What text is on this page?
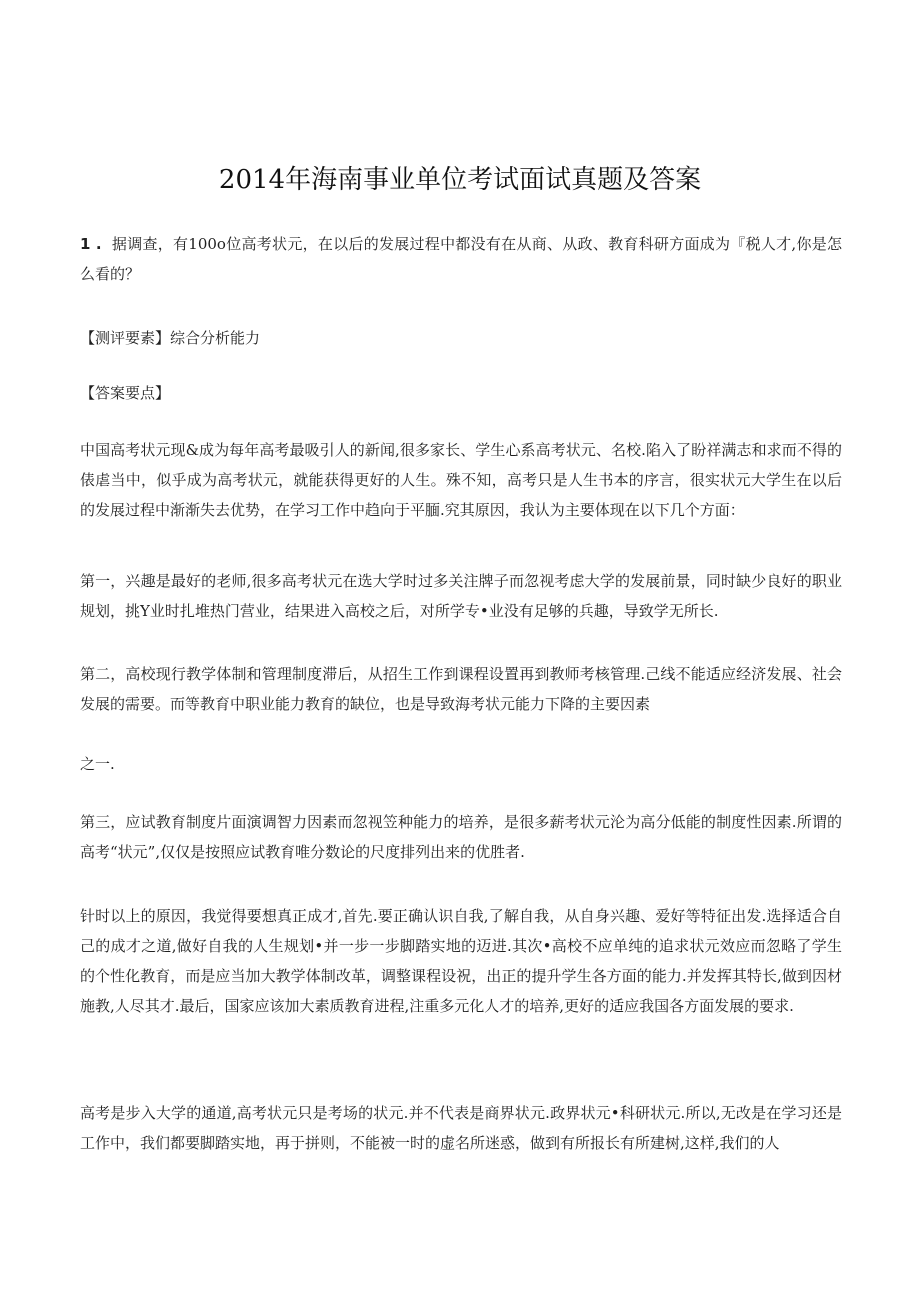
2014年海南事业单位考试面试真题及答案
1 . 据调查，有100o位高考状元，在以后的发展过程中都没有在从商、从政、教育科研方面成为『税人才,你是怎么看的？
【测评要素】综合分析能力
【答案要点】
中国高考状元现&成为每年高考最吸引人的新闻,很多家长、学生心系高考状元、名校.陷入了盼祥满志和求而不得的俵虐当中，似乎成为高考状元，就能获得更好的人生。殊不知，高考只是人生书本的序言，很实状元大学生在以后的发展过程中渐渐失去优势，在学习工作中趋向于平腼.究其原因，我认为主要体现在以下几个方面：
第一，兴趣是最好的老师,很多高考状元在选大学时过多关注牌子而忽视考虑大学的发展前景，同时缺少良好的职业规划，挑Y业时扎堆热门营业，结果进入高校之后，对所学专•业没有足够的兵趣，导致学无所长.
第二，高校现行教学体制和管理制度滞后，从招生工作到课程设置再到教师考核管理.己线不能适应经济发展、社会发展的需要。而等教育中职业能力教育的缺位，也是导致海考状元能力下降的主要因素
之一.
第三，应试教育制度片面演调智力因素而忽视笠种能力的培养，是很多薪考状元沦为高分低能的制度性因素.所谓的高考“状元”,仅仅是按照应试教育唯分数论的尺度排列出来的优胜者.
针时以上的原因，我觉得要想真正成才,首先.要正确认识自我,了解自我，从自身兴趣、爱好等特征出发.选择适合自己的成才之道,做好自我的人生规划•并一步一步脚踏实地的迈进.其次•高校不应单纯的追求状元效应而忽略了学生的个性化教育，而是应当加大教学体制改革，调整课程设祝，出正的提升学生各方面的能力.并发挥其特长,做到因材施教,人尽其才.最后，国家应该加大素质教育进程,注重多元化人才的培养,更好的适应我国各方面发展的要求.
高考是步入大学的通道,高考状元只是考场的状元.并不代表是商界状元.政界状元•科研状元.所以,无改是在学习还是工作中，我们都要脚踏实地，再于拼则，不能被一时的虚名所迷惑，做到有所报长有所建树,这样,我们的人
